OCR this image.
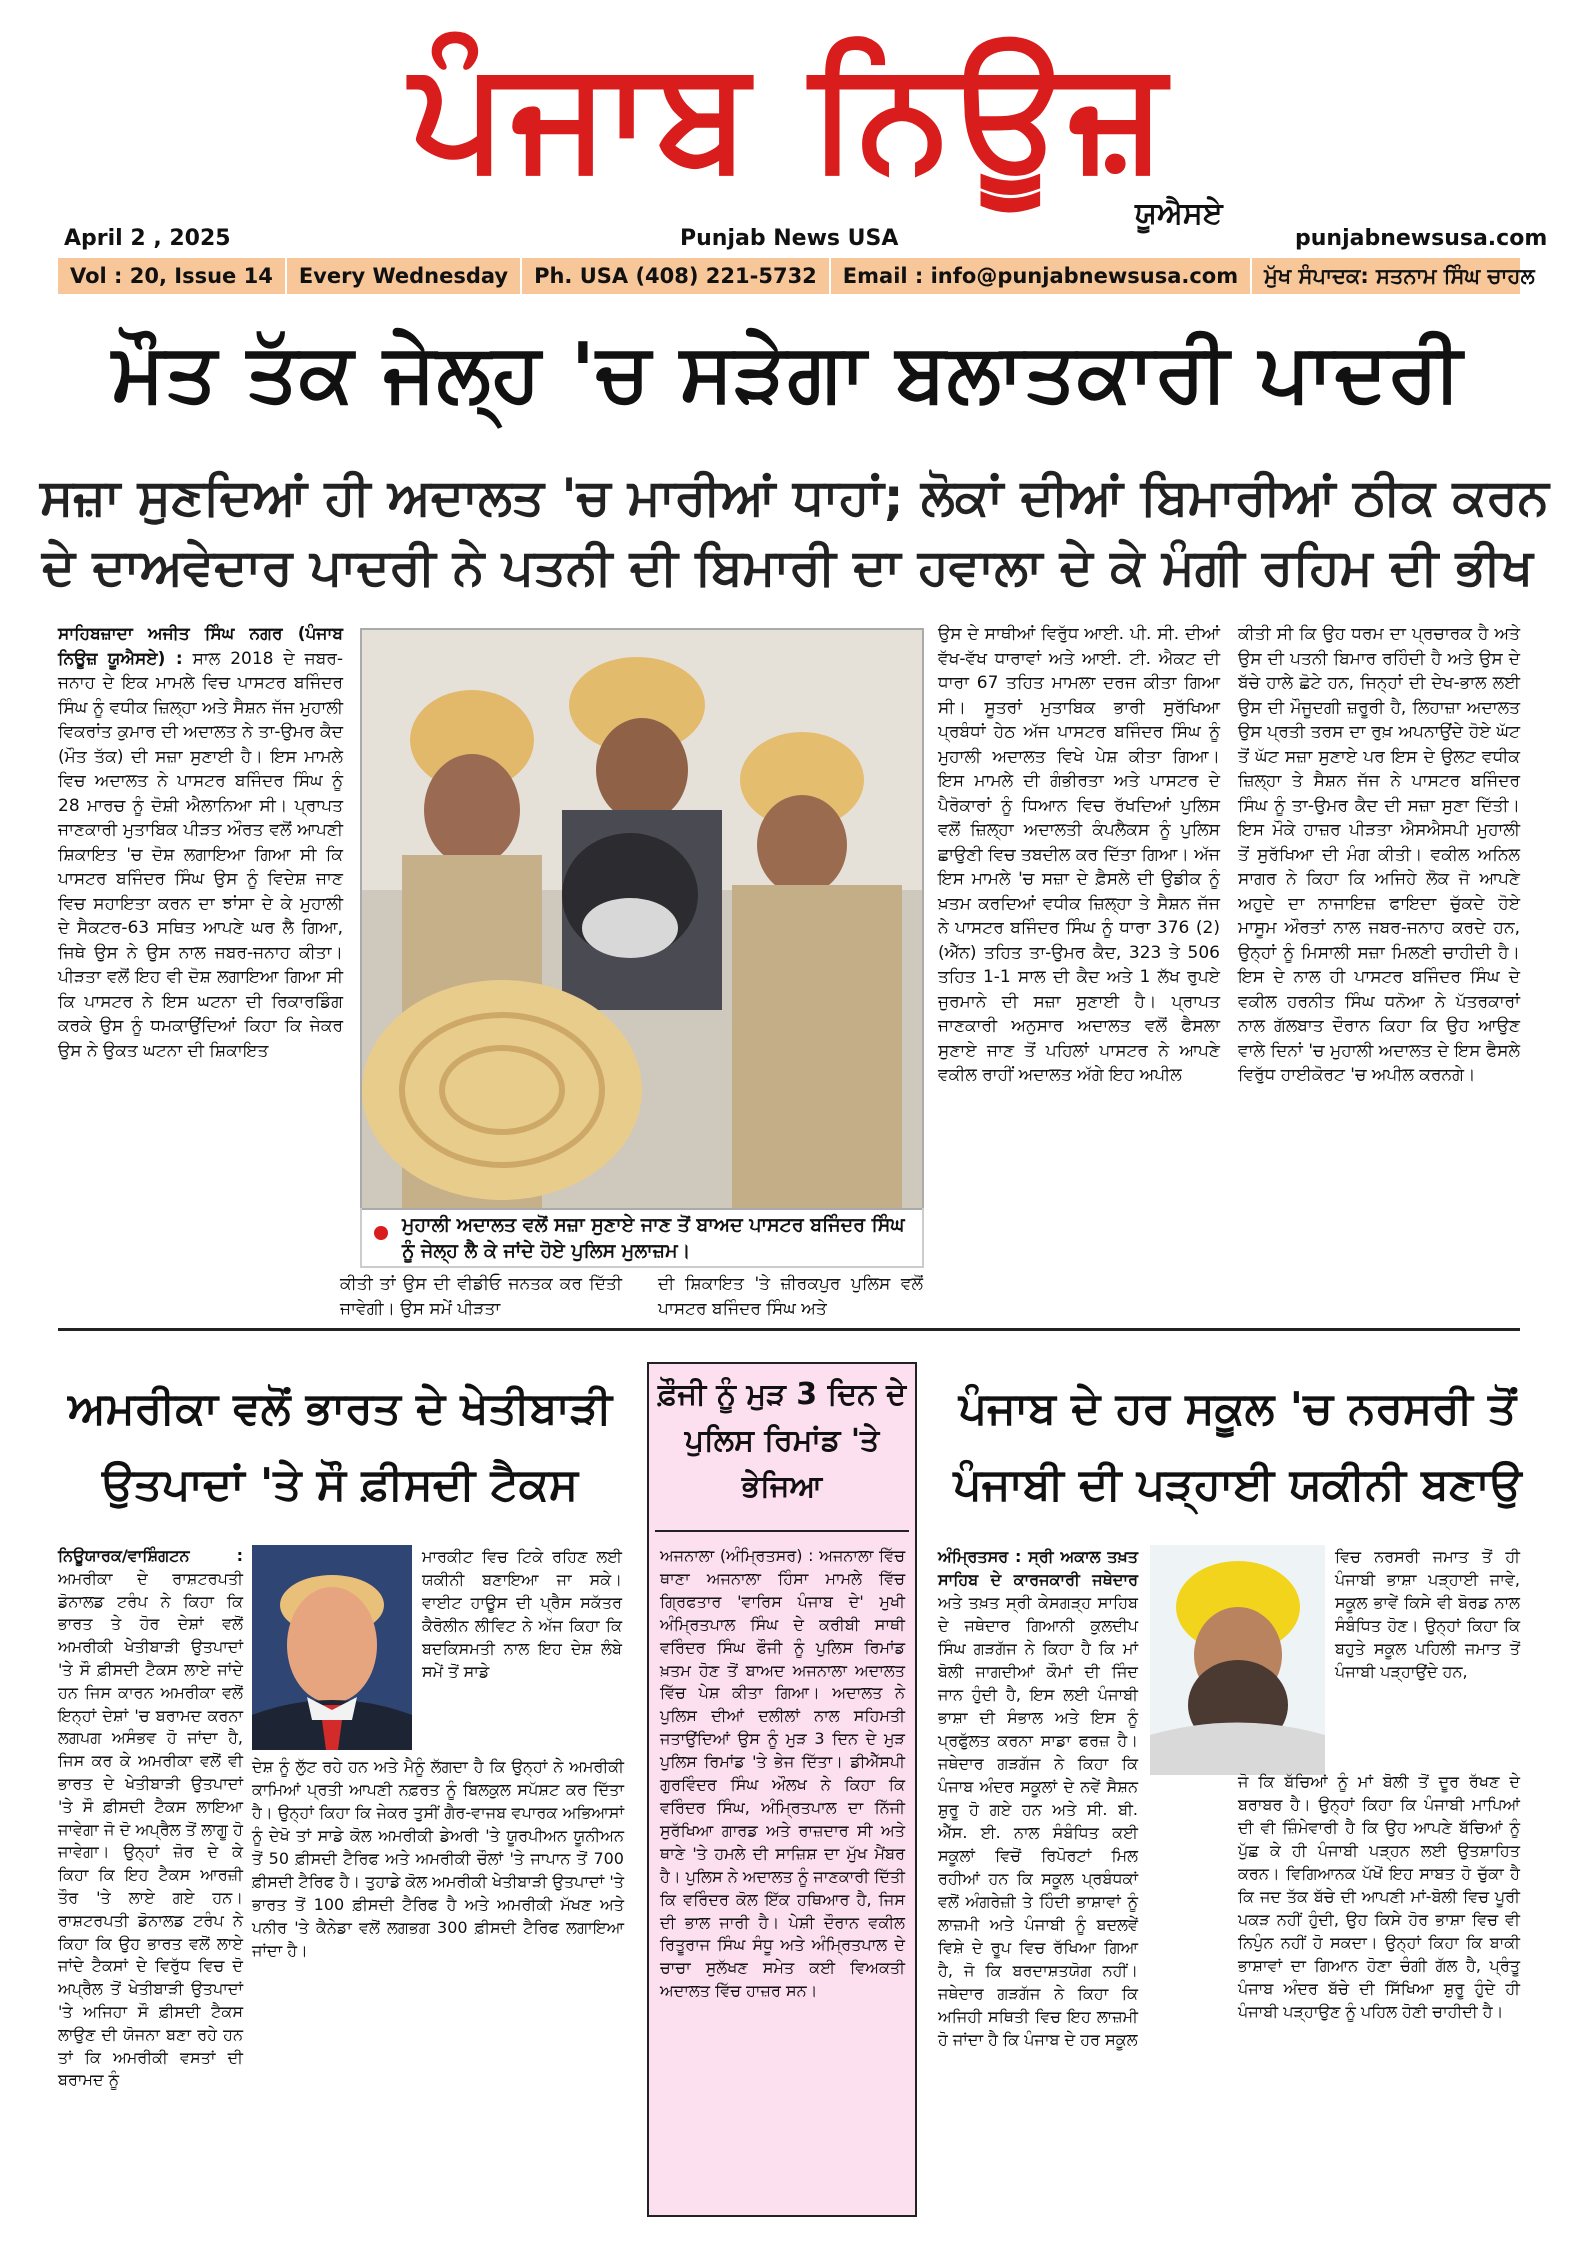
ਪੰਜਾਬ ਨਿਊਜ਼
ਯੂਐਸਏ
April 2 , 2025	Punjab News USA	punjabnewsusa.com
Vol : 20, Issue 14	Every Wednesday	Ph. USA (408) 221-5732	Email : info@punjabnewsusa.com	ਮੁੱਖ ਸੰਪਾਦਕ: ਸਤਨਾਮ ਸਿੰਘ ਚਾਹਲ
ਮੌਤ ਤੱਕ ਜੇਲ੍ਹ 'ਚ ਸੜੇਗਾ ਬਲਾਤਕਾਰੀ ਪਾਦਰੀ
ਸਜ਼ਾ ਸੁਣਦਿਆਂ ਹੀ ਅਦਾਲਤ 'ਚ ਮਾਰੀਆਂ ਧਾਹਾਂ; ਲੋਕਾਂ ਦੀਆਂ ਬਿਮਾਰੀਆਂ ਠੀਕ ਕਰਨ
ਦੇ ਦਾਅਵੇਦਾਰ ਪਾਦਰੀ ਨੇ ਪਤਨੀ ਦੀ ਬਿਮਾਰੀ ਦਾ ਹਵਾਲਾ ਦੇ ਕੇ ਮੰਗੀ ਰਹਿਮ ਦੀ ਭੀਖ
ਸਾਹਿਬਜ਼ਾਦਾ ਅਜੀਤ ਸਿੰਘ ਨਗਰ (ਪੰਜਾਬ ਨਿਊਜ਼ ਯੂਐਸਏ) : ਸਾਲ 2018 ਦੇ ਜਬਰ-ਜਨਾਹ ਦੇ ਇਕ ਮਾਮਲੇ ਵਿਚ ਪਾਸਟਰ ਬਜਿੰਦਰ ਸਿੰਘ ਨੂੰ ਵਧੀਕ ਜ਼ਿਲ੍ਹਾ ਅਤੇ ਸੈਸ਼ਨ ਜੱਜ ਮੁਹਾਲੀ ਵਿਕਰਾਂਤ ਕੁਮਾਰ ਦੀ ਅਦਾਲਤ ਨੇ ਤਾ-ਉਮਰ ਕੈਦ (ਮੌਤ ਤੱਕ) ਦੀ ਸਜ਼ਾ ਸੁਣਾਈ ਹੈ। ਇਸ ਮਾਮਲੇ ਵਿਚ ਅਦਾਲਤ ਨੇ ਪਾਸਟਰ ਬਜਿੰਦਰ ਸਿੰਘ ਨੂੰ 28 ਮਾਰਚ ਨੂੰ ਦੋਸ਼ੀ ਐਲਾਨਿਆ ਸੀ। ਪ੍ਰਾਪਤ ਜਾਣਕਾਰੀ ਮੁਤਾਬਿਕ ਪੀੜਤ ਔਰਤ ਵਲੋਂ ਆਪਣੀ ਸ਼ਿਕਾਇਤ 'ਚ ਦੋਸ਼ ਲਗਾਇਆ ਗਿਆ ਸੀ ਕਿ ਪਾਸਟਰ ਬਜਿੰਦਰ ਸਿੰਘ ਉਸ ਨੂੰ ਵਿਦੇਸ਼ ਜਾਣ ਵਿਚ ਸਹਾਇਤਾ ਕਰਨ ਦਾ ਝਾਂਸਾ ਦੇ ਕੇ ਮੁਹਾਲੀ ਦੇ ਸੈਕਟਰ-63 ਸਥਿਤ ਆਪਣੇ ਘਰ ਲੈ ਗਿਆ, ਜਿਥੇ ਉਸ ਨੇ ਉਸ ਨਾਲ ਜਬਰ-ਜਨਾਹ ਕੀਤਾ। ਪੀੜਤਾ ਵਲੋਂ ਇਹ ਵੀ ਦੋਸ਼ ਲਗਾਇਆ ਗਿਆ ਸੀ ਕਿ ਪਾਸਟਰ ਨੇ ਇਸ ਘਟਨਾ ਦੀ ਰਿਕਾਰਡਿੰਗ ਕਰਕੇ ਉਸ ਨੂੰ ਧਮਕਾਉਂਦਿਆਂ ਕਿਹਾ ਕਿ ਜੇਕਰ ਉਸ ਨੇ ਉਕਤ ਘਟਨਾ ਦੀ ਸ਼ਿਕਾਇਤ
ਮੁਹਾਲੀ ਅਦਾਲਤ ਵਲੋਂ ਸਜ਼ਾ ਸੁਣਾਏ ਜਾਣ ਤੋਂ ਬਾਅਦ ਪਾਸਟਰ ਬਜਿੰਦਰ ਸਿੰਘ ਨੂੰ ਜੇਲ੍ਹ ਲੈ ਕੇ ਜਾਂਦੇ ਹੋਏ ਪੁਲਿਸ ਮੁਲਾਜ਼ਮ।
ਕੀਤੀ ਤਾਂ ਉਸ ਦੀ ਵੀਡੀਓ ਜਨਤਕ ਕਰ ਦਿੱਤੀ ਜਾਵੇਗੀ। ਉਸ ਸਮੇਂ ਪੀੜਤਾ
ਦੀ ਸ਼ਿਕਾਇਤ 'ਤੇ ਜ਼ੀਰਕਪੁਰ ਪੁਲਿਸ ਵਲੋਂ ਪਾਸਟਰ ਬਜਿੰਦਰ ਸਿੰਘ ਅਤੇ
ਉਸ ਦੇ ਸਾਥੀਆਂ ਵਿਰੁੱਧ ਆਈ. ਪੀ. ਸੀ. ਦੀਆਂ ਵੱਖ-ਵੱਖ ਧਾਰਾਵਾਂ ਅਤੇ ਆਈ. ਟੀ. ਐਕਟ ਦੀ ਧਾਰਾ 67 ਤਹਿਤ ਮਾਮਲਾ ਦਰਜ ਕੀਤਾ ਗਿਆ ਸੀ। ਸੂਤਰਾਂ ਮੁਤਾਬਿਕ ਭਾਰੀ ਸੁਰੱਖਿਆ ਪ੍ਰਬੰਧਾਂ ਹੇਠ ਅੱਜ ਪਾਸਟਰ ਬਜਿੰਦਰ ਸਿੰਘ ਨੂੰ ਮੁਹਾਲੀ ਅਦਾਲਤ ਵਿਖੇ ਪੇਸ਼ ਕੀਤਾ ਗਿਆ। ਇਸ ਮਾਮਲੇ ਦੀ ਗੰਭੀਰਤਾ ਅਤੇ ਪਾਸਟਰ ਦੇ ਪੈਰੋਕਾਰਾਂ ਨੂੰ ਧਿਆਨ ਵਿਚ ਰੱਖਦਿਆਂ ਪੁਲਿਸ ਵਲੋਂ ਜ਼ਿਲ੍ਹਾ ਅਦਾਲਤੀ ਕੰਪਲੈਕਸ ਨੂੰ ਪੁਲਿਸ ਛਾਉਣੀ ਵਿਚ ਤਬਦੀਲ ਕਰ ਦਿੱਤਾ ਗਿਆ। ਅੱਜ ਇਸ ਮਾਮਲੇ 'ਚ ਸਜ਼ਾ ਦੇ ਫ਼ੈਸਲੇ ਦੀ ਉਡੀਕ ਨੂੰ ਖ਼ਤਮ ਕਰਦਿਆਂ ਵਧੀਕ ਜ਼ਿਲ੍ਹਾ ਤੇ ਸੈਸ਼ਨ ਜੱਜ ਨੇ ਪਾਸਟਰ ਬਜਿੰਦਰ ਸਿੰਘ ਨੂੰ ਧਾਰਾ 376 (2) (ਐੱਨ) ਤਹਿਤ ਤਾ-ਉਮਰ ਕੈਦ, 323 ਤੇ 506 ਤਹਿਤ 1-1 ਸਾਲ ਦੀ ਕੈਦ ਅਤੇ 1 ਲੱਖ ਰੁਪਏ ਜੁਰਮਾਨੇ ਦੀ ਸਜ਼ਾ ਸੁਣਾਈ ਹੈ। ਪ੍ਰਾਪਤ ਜਾਣਕਾਰੀ ਅਨੁਸਾਰ ਅਦਾਲਤ ਵਲੋਂ ਫੈਸਲਾ ਸੁਣਾਏ ਜਾਣ ਤੋਂ ਪਹਿਲਾਂ ਪਾਸਟਰ ਨੇ ਆਪਣੇ ਵਕੀਲ ਰਾਹੀਂ ਅਦਾਲਤ ਅੱਗੇ ਇਹ ਅਪੀਲ
ਕੀਤੀ ਸੀ ਕਿ ਉਹ ਧਰਮ ਦਾ ਪ੍ਰਚਾਰਕ ਹੈ ਅਤੇ ਉਸ ਦੀ ਪਤਨੀ ਬਿਮਾਰ ਰਹਿੰਦੀ ਹੈ ਅਤੇ ਉਸ ਦੇ ਬੱਚੇ ਹਾਲੇ ਛੋਟੇ ਹਨ, ਜਿਨ੍ਹਾਂ ਦੀ ਦੇਖ-ਭਾਲ ਲਈ ਉਸ ਦੀ ਮੌਜੂਦਗੀ ਜ਼ਰੂਰੀ ਹੈ, ਲਿਹਾਜ਼ਾ ਅਦਾਲਤ ਉਸ ਪ੍ਰਤੀ ਤਰਸ ਦਾ ਰੁਖ਼ ਅਪਨਾਉਂਦੇ ਹੋਏ ਘੱਟ ਤੋਂ ਘੱਟ ਸਜ਼ਾ ਸੁਣਾਏ ਪਰ ਇਸ ਦੇ ਉਲਟ ਵਧੀਕ ਜ਼ਿਲ੍ਹਾ ਤੇ ਸੈਸ਼ਨ ਜੱਜ ਨੇ ਪਾਸਟਰ ਬਜਿੰਦਰ ਸਿੰਘ ਨੂੰ ਤਾ-ਉਮਰ ਕੈਦ ਦੀ ਸਜ਼ਾ ਸੁਣਾ ਦਿੱਤੀ। ਇਸ ਮੌਕੇ ਹਾਜ਼ਰ ਪੀੜਤਾ ਐਸਐਸਪੀ ਮੁਹਾਲੀ ਤੋਂ ਸੁਰੱਖਿਆ ਦੀ ਮੰਗ ਕੀਤੀ। ਵਕੀਲ ਅਨਿਲ ਸਾਗਰ ਨੇ ਕਿਹਾ ਕਿ ਅਜਿਹੇ ਲੋਕ ਜੋ ਆਪਣੇ ਅਹੁਦੇ ਦਾ ਨਾਜਾਇਜ਼ ਫਾਇਦਾ ਚੁੱਕਦੇ ਹੋਏ ਮਾਸੂਮ ਔਰਤਾਂ ਨਾਲ ਜਬਰ-ਜਨਾਹ ਕਰਦੇ ਹਨ, ਉਨ੍ਹਾਂ ਨੂੰ ਮਿਸਾਲੀ ਸਜ਼ਾ ਮਿਲਣੀ ਚਾਹੀਦੀ ਹੈ। ਇਸ ਦੇ ਨਾਲ ਹੀ ਪਾਸਟਰ ਬਜਿੰਦਰ ਸਿੰਘ ਦੇ ਵਕੀਲ ਹਰਨੀਤ ਸਿੰਘ ਧਨੋਆ ਨੇ ਪੱਤਰਕਾਰਾਂ ਨਾਲ ਗੱਲਬਾਤ ਦੌਰਾਨ ਕਿਹਾ ਕਿ ਉਹ ਆਉਣ ਵਾਲੇ ਦਿਨਾਂ 'ਚ ਮੁਹਾਲੀ ਅਦਾਲਤ ਦੇ ਇਸ ਫੈਸਲੇ ਵਿਰੁੱਧ ਹਾਈਕੋਰਟ 'ਚ ਅਪੀਲ ਕਰਨਗੇ।
ਅਮਰੀਕਾ ਵਲੋਂ ਭਾਰਤ ਦੇ ਖੇਤੀਬਾੜੀ
ਉਤਪਾਦਾਂ 'ਤੇ ਸੌ ਫ਼ੀਸਦੀ ਟੈਕਸ
ਨਿਊਯਾਰਕ/ਵਾਸ਼ਿੰਗਟਨ : ਅਮਰੀਕਾ ਦੇ ਰਾਸ਼ਟਰਪਤੀ ਡੋਨਾਲਡ ਟਰੰਪ ਨੇ ਕਿਹਾ ਕਿ ਭਾਰਤ ਤੇ ਹੋਰ ਦੇਸ਼ਾਂ ਵਲੋਂ ਅਮਰੀਕੀ ਖੇਤੀਬਾੜੀ ਉਤਪਾਦਾਂ 'ਤੇ ਸੌ ਫ਼ੀਸਦੀ ਟੈਕਸ ਲਾਏ ਜਾਂਦੇ ਹਨ ਜਿਸ ਕਾਰਨ ਅਮਰੀਕਾ ਵਲੋਂ ਇਨ੍ਹਾਂ ਦੇਸ਼ਾਂ 'ਚ ਬਰਾਮਦ ਕਰਨਾ ਲਗਪਗ ਅਸੰਭਵ ਹੋ ਜਾਂਦਾ ਹੈ, ਜਿਸ ਕਰ ਕੇ ਅਮਰੀਕਾ ਵਲੋਂ ਵੀ ਭਾਰਤ ਦੇ ਖੇਤੀਬਾੜੀ ਉਤਪਾਦਾਂ 'ਤੇ ਸੌ ਫ਼ੀਸਦੀ ਟੈਕਸ ਲਾਇਆ ਜਾਵੇਗਾ ਜੋ ਦੋ ਅਪ੍ਰੈਲ ਤੋਂ ਲਾਗੂ ਹੋ ਜਾਵੇਗਾ। ਉਨ੍ਹਾਂ ਜ਼ੋਰ ਦੇ ਕੇ ਕਿਹਾ ਕਿ ਇਹ ਟੈਕਸ ਆਰਜ਼ੀ ਤੌਰ 'ਤੇ ਲਾਏ ਗਏ ਹਨ। ਰਾਸ਼ਟਰਪਤੀ ਡੋਨਾਲਡ ਟਰੰਪ ਨੇ ਕਿਹਾ ਕਿ ਉਹ ਭਾਰਤ ਵਲੋਂ ਲਾਏ ਜਾਂਦੇ ਟੈਕਸਾਂ ਦੇ ਵਿਰੁੱਧ ਵਿਚ ਦੋ ਅਪ੍ਰੈਲ ਤੋਂ ਖੇਤੀਬਾੜੀ ਉਤਪਾਦਾਂ 'ਤੇ ਅਜਿਹਾ ਸੌ ਫ਼ੀਸਦੀ ਟੈਕਸ ਲਾਉਣ ਦੀ ਯੋਜਨਾ ਬਣਾ ਰਹੇ ਹਨ ਤਾਂ ਕਿ ਅਮਰੀਕੀ ਵਸਤਾਂ ਦੀ ਬਰਾਮਦ ਨੂੰ
ਮਾਰਕੀਟ ਵਿਚ ਟਿਕੇ ਰਹਿਣ ਲਈ ਯਕੀਨੀ ਬਣਾਇਆ ਜਾ ਸਕੇ। ਵਾਈਟ ਹਾਊਸ ਦੀ ਪ੍ਰੈਸ ਸਕੱਤਰ ਕੈਰੋਲੀਨ ਲੀਵਿਟ ਨੇ ਅੱਜ ਕਿਹਾ ਕਿ ਬਦਕਿਸਮਤੀ ਨਾਲ ਇਹ ਦੇਸ਼ ਲੰਬੇ ਸਮੇਂ ਤੋਂ ਸਾਡੇ
ਦੇਸ਼ ਨੂੰ ਲੁੱਟ ਰਹੇ ਹਨ ਅਤੇ ਮੈਨੂੰ ਲੱਗਦਾ ਹੈ ਕਿ ਉਨ੍ਹਾਂ ਨੇ ਅਮਰੀਕੀ ਕਾਮਿਆਂ ਪ੍ਰਤੀ ਆਪਣੀ ਨਫ਼ਰਤ ਨੂੰ ਬਿਲਕੁਲ ਸਪੱਸ਼ਟ ਕਰ ਦਿੱਤਾ ਹੈ। ਉਨ੍ਹਾਂ ਕਿਹਾ ਕਿ ਜੇਕਰ ਤੁਸੀਂ ਗੈਰ-ਵਾਜਬ ਵਪਾਰਕ ਅਭਿਆਸਾਂ ਨੂੰ ਦੇਖੋ ਤਾਂ ਸਾਡੇ ਕੋਲ ਅਮਰੀਕੀ ਡੇਅਰੀ 'ਤੇ ਯੂਰਪੀਅਨ ਯੂਨੀਅਨ ਤੋਂ 50 ਫ਼ੀਸਦੀ ਟੈਰਿਫ ਅਤੇ ਅਮਰੀਕੀ ਚੌਲਾਂ 'ਤੇ ਜਾਪਾਨ ਤੋਂ 700 ਫ਼ੀਸਦੀ ਟੈਰਿਫ ਹੈ। ਤੁਹਾਡੇ ਕੋਲ ਅਮਰੀਕੀ ਖੇਤੀਬਾੜੀ ਉਤਪਾਦਾਂ 'ਤੇ ਭਾਰਤ ਤੋਂ 100 ਫ਼ੀਸਦੀ ਟੈਰਿਫ ਹੈ ਅਤੇ ਅਮਰੀਕੀ ਮੱਖਣ ਅਤੇ ਪਨੀਰ 'ਤੇ ਕੈਨੇਡਾ ਵਲੋਂ ਲਗਭਗ 300 ਫ਼ੀਸਦੀ ਟੈਰਿਫ ਲਗਾਇਆ ਜਾਂਦਾ ਹੈ।
ਫ਼ੌਜੀ ਨੂੰ ਮੁੜ 3 ਦਿਨ ਦੇ ਪੁਲਿਸ ਰਿਮਾਂਡ 'ਤੇ ਭੇਜਿਆ
ਅਜਨਾਲਾ (ਅੰਮ੍ਰਿਤਸਰ) : ਅਜਨਾਲਾ ਵਿੱਚ ਥਾਣਾ ਅਜਨਾਲਾ ਹਿੰਸਾ ਮਾਮਲੇ ਵਿੱਚ ਗ੍ਰਿਫਤਾਰ 'ਵਾਰਿਸ ਪੰਜਾਬ ਦੇ' ਮੁਖੀ ਅੰਮ੍ਰਿਤਪਾਲ ਸਿੰਘ ਦੇ ਕਰੀਬੀ ਸਾਥੀ ਵਰਿੰਦਰ ਸਿੰਘ ਫੌਜੀ ਨੂੰ ਪੁਲਿਸ ਰਿਮਾਂਡ ਖ਼ਤਮ ਹੋਣ ਤੋਂ ਬਾਅਦ ਅਜਨਾਲਾ ਅਦਾਲਤ ਵਿੱਚ ਪੇਸ਼ ਕੀਤਾ ਗਿਆ। ਅਦਾਲਤ ਨੇ ਪੁਲਿਸ ਦੀਆਂ ਦਲੀਲਾਂ ਨਾਲ ਸਹਿਮਤੀ ਜਤਾਉਂਦਿਆਂ ਉਸ ਨੂੰ ਮੁੜ 3 ਦਿਨ ਦੇ ਮੁੜ ਪੁਲਿਸ ਰਿਮਾਂਡ 'ਤੇ ਭੇਜ ਦਿੱਤਾ। ਡੀਐੱਸਪੀ ਗੁਰਵਿੰਦਰ ਸਿੰਘ ਔਲਖ ਨੇ ਕਿਹਾ ਕਿ ਵਰਿੰਦਰ ਸਿੰਘ, ਅੰਮ੍ਰਿਤਪਾਲ ਦਾ ਨਿੱਜੀ ਸੁਰੱਖਿਆ ਗਾਰਡ ਅਤੇ ਰਾਜ਼ਦਾਰ ਸੀ ਅਤੇ ਥਾਣੇ 'ਤੇ ਹਮਲੇ ਦੀ ਸਾਜ਼ਿਸ਼ ਦਾ ਮੁੱਖ ਮੈਂਬਰ ਹੈ। ਪੁਲਿਸ ਨੇ ਅਦਾਲਤ ਨੂੰ ਜਾਣਕਾਰੀ ਦਿੱਤੀ ਕਿ ਵਰਿੰਦਰ ਕੋਲ ਇੱਕ ਹਥਿਆਰ ਹੈ, ਜਿਸ ਦੀ ਭਾਲ ਜਾਰੀ ਹੈ। ਪੇਸ਼ੀ ਦੌਰਾਨ ਵਕੀਲ ਰਿਤੂਰਾਜ ਸਿੰਘ ਸੰਧੂ ਅਤੇ ਅੰਮ੍ਰਿਤਪਾਲ ਦੇ ਚਾਚਾ ਸੁਲੱਖਣ ਸਮੇਤ ਕਈ ਵਿਅਕਤੀ ਅਦਾਲਤ ਵਿੱਚ ਹਾਜ਼ਰ ਸਨ।
ਪੰਜਾਬ ਦੇ ਹਰ ਸਕੂਲ 'ਚ ਨਰਸਰੀ ਤੋਂ
ਪੰਜਾਬੀ ਦੀ ਪੜ੍ਹਾਈ ਯਕੀਨੀ ਬਣਾਉ
ਅੰਮ੍ਰਿਤਸਰ : ਸ੍ਰੀ ਅਕਾਲ ਤਖ਼ਤ ਸਾਹਿਬ ਦੇ ਕਾਰਜਕਾਰੀ ਜਥੇਦਾਰ ਅਤੇ ਤਖ਼ਤ ਸ੍ਰੀ ਕੇਸਗੜ੍ਹ ਸਾਹਿਬ ਦੇ ਜਥੇਦਾਰ ਗਿਆਨੀ ਕੁਲਦੀਪ ਸਿੰਘ ਗੜਗੱਜ ਨੇ ਕਿਹਾ ਹੈ ਕਿ ਮਾਂ ਬੋਲੀ ਜਾਗਦੀਆਂ ਕੌਮਾਂ ਦੀ ਜਿੰਦ ਜਾਨ ਹੁੰਦੀ ਹੈ, ਇਸ ਲਈ ਪੰਜਾਬੀ ਭਾਸ਼ਾ ਦੀ ਸੰਭਾਲ ਅਤੇ ਇਸ ਨੂੰ ਪ੍ਰਫੁੱਲਤ ਕਰਨਾ ਸਾਡਾ ਫਰਜ਼ ਹੈ। ਜਥੇਦਾਰ ਗੜਗੱਜ ਨੇ ਕਿਹਾ ਕਿ ਪੰਜਾਬ ਅੰਦਰ ਸਕੂਲਾਂ ਦੇ ਨਵੇਂ ਸੈਸ਼ਨ ਸ਼ੁਰੂ ਹੋ ਗਏ ਹਨ ਅਤੇ ਸੀ. ਬੀ. ਐੱਸ. ਈ. ਨਾਲ ਸੰਬੰਧਿਤ ਕਈ ਸਕੂਲਾਂ ਵਿਚੋਂ ਰਿਪੋਰਟਾਂ ਮਿਲ ਰਹੀਆਂ ਹਨ ਕਿ ਸਕੂਲ ਪ੍ਰਬੰਧਕਾਂ ਵਲੋਂ ਅੰਗਰੇਜ਼ੀ ਤੇ ਹਿੰਦੀ ਭਾਸ਼ਾਵਾਂ ਨੂੰ ਲਾਜ਼ਮੀ ਅਤੇ ਪੰਜਾਬੀ ਨੂੰ ਬਦਲਵੇਂ ਵਿਸ਼ੇ ਦੇ ਰੂਪ ਵਿਚ ਰੱਖਿਆ ਗਿਆ ਹੈ, ਜੋ ਕਿ ਬਰਦਾਸ਼ਤਯੋਗ ਨਹੀਂ। ਜਥੇਦਾਰ ਗੜਗੱਜ ਨੇ ਕਿਹਾ ਕਿ ਅਜਿਹੀ ਸਥਿਤੀ ਵਿਚ ਇਹ ਲਾਜ਼ਮੀ ਹੋ ਜਾਂਦਾ ਹੈ ਕਿ ਪੰਜਾਬ ਦੇ ਹਰ ਸਕੂਲ
ਵਿਚ ਨਰਸਰੀ ਜਮਾਤ ਤੋਂ ਹੀ ਪੰਜਾਬੀ ਭਾਸ਼ਾ ਪੜ੍ਹਾਈ ਜਾਵੇ, ਸਕੂਲ ਭਾਵੇਂ ਕਿਸੇ ਵੀ ਬੋਰਡ ਨਾਲ ਸੰਬੰਧਿਤ ਹੋਣ। ਉਨ੍ਹਾਂ ਕਿਹਾ ਕਿ ਬਹੁਤੇ ਸਕੂਲ ਪਹਿਲੀ ਜਮਾਤ ਤੋਂ ਪੰਜਾਬੀ ਪੜ੍ਹਾਉਂਦੇ ਹਨ,
ਜੋ ਕਿ ਬੱਚਿਆਂ ਨੂੰ ਮਾਂ ਬੋਲੀ ਤੋਂ ਦੂਰ ਰੱਖਣ ਦੇ ਬਰਾਬਰ ਹੈ। ਉਨ੍ਹਾਂ ਕਿਹਾ ਕਿ ਪੰਜਾਬੀ ਮਾਪਿਆਂ ਦੀ ਵੀ ਜ਼ਿੰਮੇਵਾਰੀ ਹੈ ਕਿ ਉਹ ਆਪਣੇ ਬੱਚਿਆਂ ਨੂੰ ਪੁੱਛ ਕੇ ਹੀ ਪੰਜਾਬੀ ਪੜ੍ਹਨ ਲਈ ਉਤਸ਼ਾਹਿਤ ਕਰਨ। ਵਿਗਿਆਨਕ ਪੱਖੋਂ ਇਹ ਸਾਬਤ ਹੋ ਚੁੱਕਾ ਹੈ ਕਿ ਜਦ ਤੱਕ ਬੱਚੇ ਦੀ ਆਪਣੀ ਮਾਂ-ਬੋਲੀ ਵਿਚ ਪੂਰੀ ਪਕੜ ਨਹੀਂ ਹੁੰਦੀ, ਉਹ ਕਿਸੇ ਹੋਰ ਭਾਸ਼ਾ ਵਿਚ ਵੀ ਨਿਪੁੰਨ ਨਹੀਂ ਹੋ ਸਕਦਾ। ਉਨ੍ਹਾਂ ਕਿਹਾ ਕਿ ਬਾਕੀ ਭਾਸ਼ਾਵਾਂ ਦਾ ਗਿਆਨ ਹੋਣਾ ਚੰਗੀ ਗੱਲ ਹੈ, ਪ੍ਰੰਤੂ ਪੰਜਾਬ ਅੰਦਰ ਬੱਚੇ ਦੀ ਸਿੱਖਿਆ ਸ਼ੁਰੂ ਹੁੰਦੇ ਹੀ ਪੰਜਾਬੀ ਪੜ੍ਹਾਉਣ ਨੂੰ ਪਹਿਲ ਹੋਣੀ ਚਾਹੀਦੀ ਹੈ।
